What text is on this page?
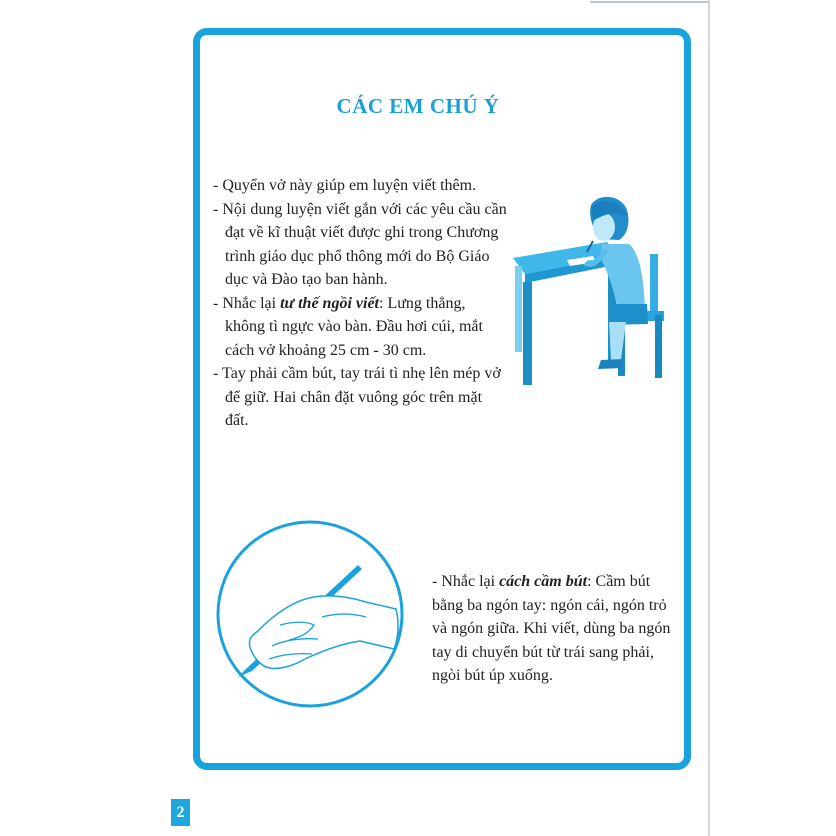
CÁC EM CHÚ Ý

- Quyển vở này giúp em luyện viết thêm.

- Nội dung luyện viết gắn với các yêu cầu cần đạt về kĩ thuật viết được ghi trong Chương trình giáo dục phổ thông mới do Bộ Giáo dục và Đào tạo ban hành.

- Nhắc lại tư thế ngồi viết: Lưng thẳng, không tì ngực vào bàn. Đầu hơi cúi, mắt cách vở khoảng 25 cm - 30 cm.

- Tay phải cầm bút, tay trái tì nhẹ lên mép vở để giữ. Hai chân đặt vuông góc trên mặt đất.

- Nhắc lại cách cầm bút: Cầm bút bằng ba ngón tay: ngón cái, ngón trỏ và ngón giữa. Khi viết, dùng ba ngón tay di chuyển bút từ trái sang phải, ngòi bút úp xuống.
2
